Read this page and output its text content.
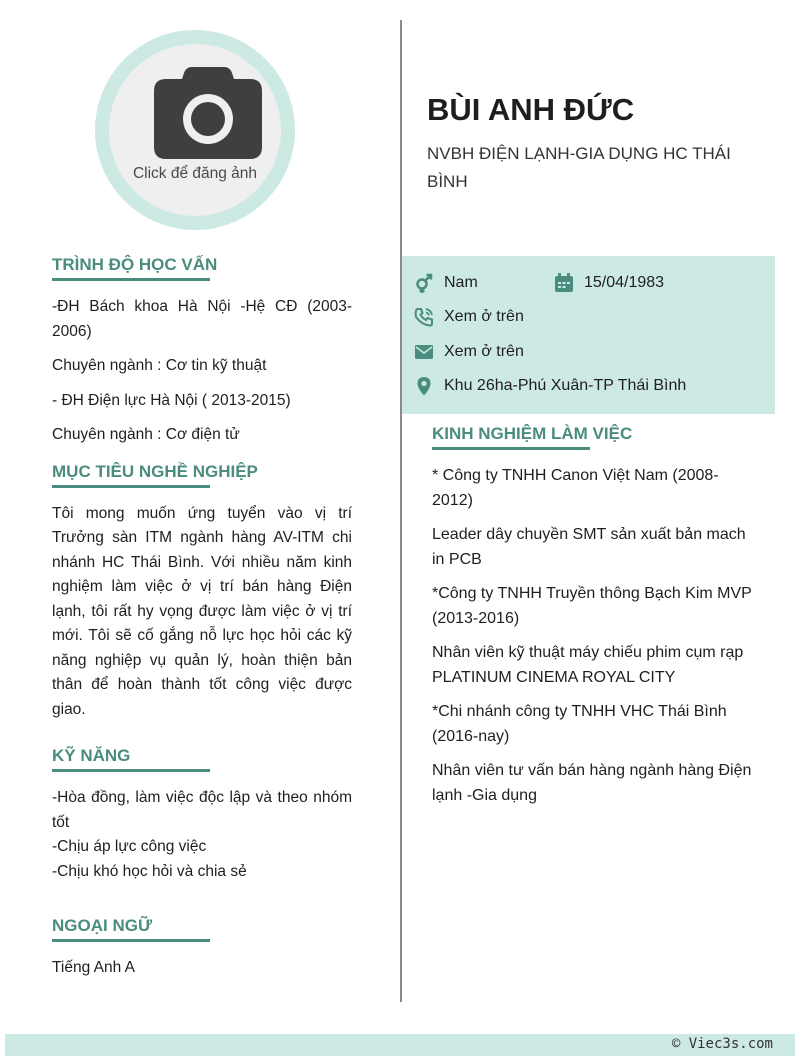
Click để đăng ảnh
BÙI ANH ĐỨC

NVBH ĐIỆN LẠNH-GIA DỤNG HC THÁI BÌNH

Nam	15/04/1983
Xem ở trên
Xem ở trên
Khu 26ha-Phú Xuân-TP Thái Bình
TRÌNH ĐỘ HỌC VẤN

-ĐH Bách khoa Hà Nội -Hệ CĐ (2003-2006)

Chuyên ngành : Cơ tin kỹ thuật

- ĐH Điện lực Hà Nội ( 2013-2015)

Chuyên ngành : Cơ điện tử

MỤC TIÊU NGHỀ NGHIỆP

Tôi mong muốn ứng tuyển vào vị trí Trưởng sàn ITM ngành hàng AV-ITM chi nhánh HC Thái Bình. Với nhiều năm kinh nghiệm làm việc ở vị trí bán hàng Điện lạnh, tôi rất hy vọng được làm việc ở vị trí mới. Tôi sẽ cố gắng nỗ lực học hỏi các kỹ năng nghiệp vụ quản lý, hoàn thiện bản thân để hoàn thành tốt công việc được giao.

KỸ NĂNG

-Hòa đồng, làm việc độc lập và theo nhóm tốt

-Chịu áp lực công việc

-Chịu khó học hỏi và chia sẻ

NGOẠI NGỮ

Tiếng Anh A

KINH NGHIỆM LÀM VIỆC

* Công ty TNHH Canon Việt Nam (2008-2012)

Leader dây chuyền SMT sản xuất bản mach in PCB

*Công ty TNHH Truyền thông Bạch Kim MVP (2013-2016)

Nhân viên kỹ thuật máy chiếu phim cụm rạp PLATINUM CINEMA ROYAL CITY

*Chi nhánh công ty TNHH VHC Thái Bình (2016-nay)

Nhân viên tư vấn bán hàng ngành hàng Điện lạnh -Gia dụng

© Viec3s.com
